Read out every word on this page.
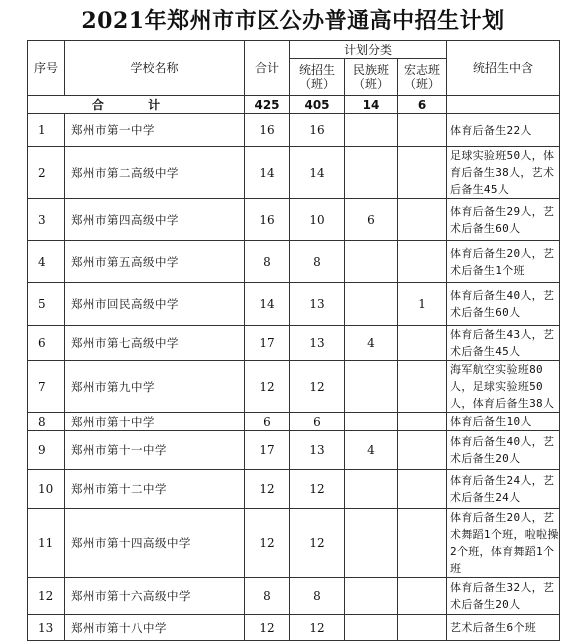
2021年郑州市市区公办普通高中招生计划
序号	学校名称	合计	计划分类			统招生中含
			统招生（班）	民族班（班）	宏志班（班）	
合 计		425	405	14	6	
1	郑州市第一中学	16	16			体育后备生22人
2	郑州市第二高级中学	14	14			足球实验班50人，体育后备生38人，艺术后备生45人
3	郑州市第四高级中学	16	10	6		体育后备生29人，艺术后备生60人
4	郑州市第五高级中学	8	8			体育后备生20人，艺术后备生1个班
5	郑州市回民高级中学	14	13		1	体育后备生40人，艺术后备生60人
6	郑州市第七高级中学	17	13	4		体育后备生43人，艺术后备生45人
7	郑州市第九中学	12	12			海军航空实验班80人，足球实验班50人，体育后备生38人
8	郑州市第十中学	6	6			体育后备生10人
9	郑州市第十一中学	17	13	4		体育后备生40人，艺术后备生20人
10	郑州市第十二中学	12	12			体育后备生24人，艺术后备生24人
11	郑州市第十四高级中学	12	12			体育后备生20人，艺术舞蹈1个班，啦啦操2个班，体育舞蹈1个班
12	郑州市第十六高级中学	8	8			体育后备生32人，艺术后备生20人
13	郑州市第十八中学	12	12			艺术后备生6个班
